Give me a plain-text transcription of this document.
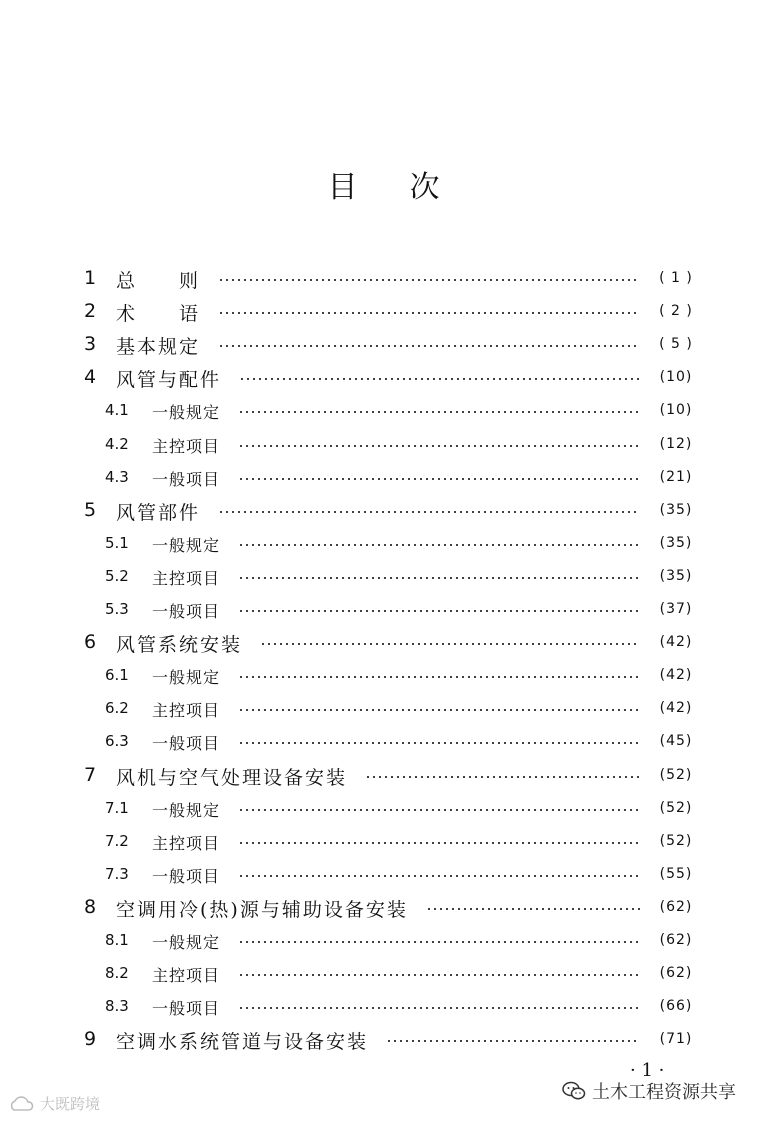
目 次
1 总　　则	( 1 )
2 术　　语	( 2 )
3 基本规定	( 5 )
4 风管与配件	(10)
4.1 一般规定	(10)
4.2 主控项目	(12)
4.3 一般项目	(21)
5 风管部件	(35)
5.1 一般规定	(35)
5.2 主控项目	(35)
5.3 一般项目	(37)
6 风管系统安装	(42)
6.1 一般规定	(42)
6.2 主控项目	(42)
6.3 一般项目	(45)
7 风机与空气处理设备安装	(52)
7.1 一般规定	(52)
7.2 主控项目	(52)
7.3 一般项目	(55)
8 空调用冷(热)源与辅助设备安装	(62)
8.1 一般规定	(62)
8.2 主控项目	(62)
8.3 一般项目	(66)
9 空调水系统管道与设备安装	(71)
· 1 ·
大既跨境
土木工程资源共享
